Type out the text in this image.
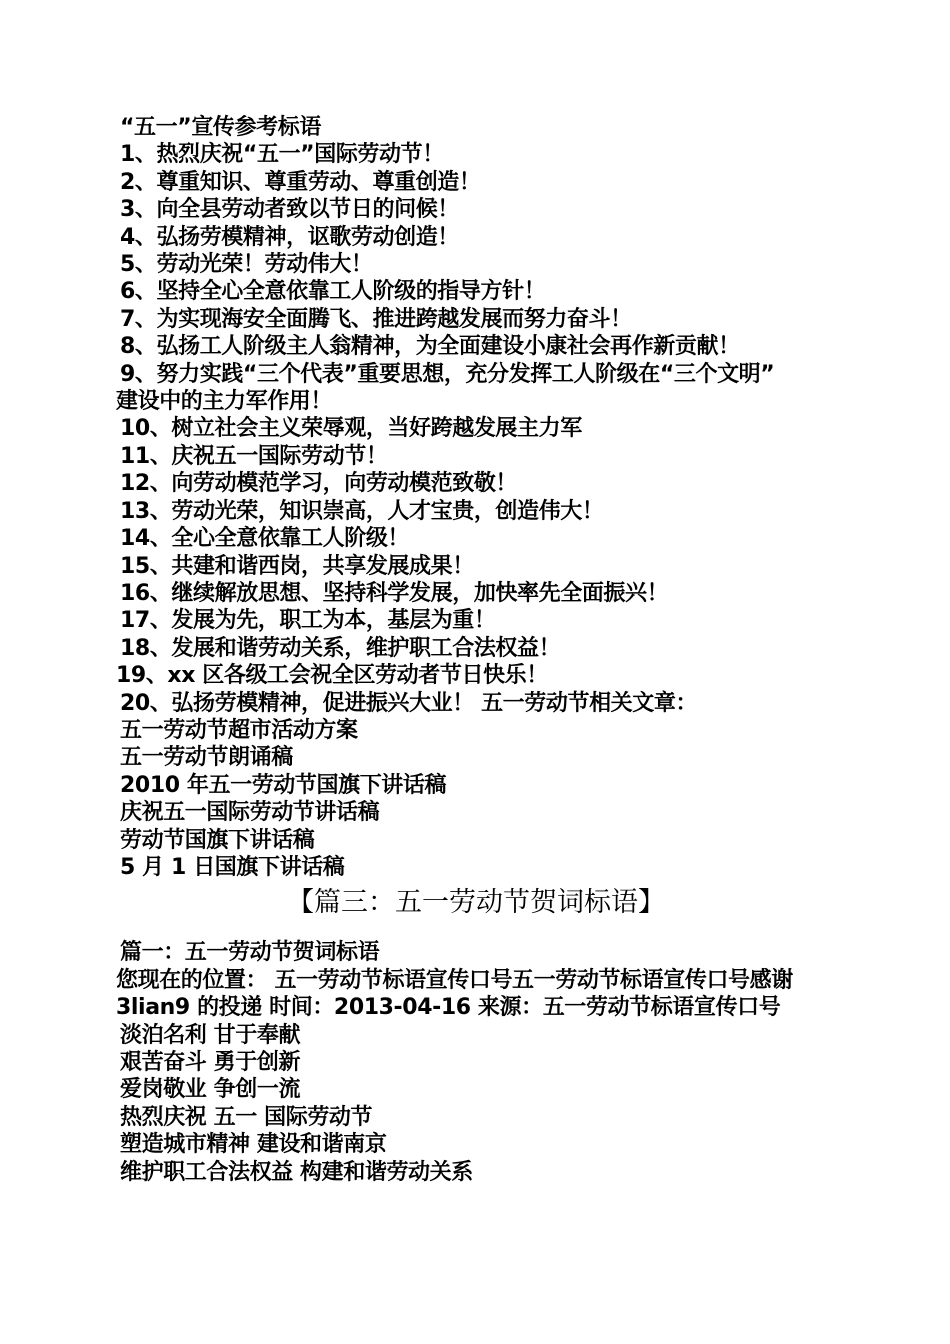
“五一”宣传参考标语
1、热烈庆祝“五一”国际劳动节！
2、尊重知识、尊重劳动、尊重创造！
3、向全县劳动者致以节日的问候！
4、弘扬劳模精神，讴歌劳动创造！
5、劳动光荣！劳动伟大！
6、坚持全心全意依靠工人阶级的指导方针！
7、为实现海安全面腾飞、推进跨越发展而努力奋斗！
8、弘扬工人阶级主人翁精神，为全面建设小康社会再作新贡献！
9、努力实践“三个代表”重要思想，充分发挥工人阶级在“三个文明”
建设中的主力军作用！
10、树立社会主义荣辱观，当好跨越发展主力军
11、庆祝五一国际劳动节！
12、向劳动模范学习，向劳动模范致敬！
13、劳动光荣，知识崇高，人才宝贵，创造伟大！
14、全心全意依靠工人阶级！
15、共建和谐西岗，共享发展成果！
16、继续解放思想、坚持科学发展，加快率先全面振兴！
17、发展为先，职工为本，基层为重！
18、发展和谐劳动关系，维护职工合法权益！
19、xx 区各级工会祝全区劳动者节日快乐！
20、弘扬劳模精神，促进振兴大业！ 五一劳动节相关文章：
五一劳动节超市活动方案
五一劳动节朗诵稿
2010 年五一劳动节国旗下讲话稿
庆祝五一国际劳动节讲话稿
劳动节国旗下讲话稿
5 月 1 日国旗下讲话稿
【篇三：五一劳动节贺词标语】
篇一：五一劳动节贺词标语
您现在的位置： 五一劳动节标语宣传口号五一劳动节标语宣传口号感谢 3lian9 的投递 时间：2013-04-16 来源：五一劳动节标语宣传口号
淡泊名利 甘于奉献
艰苦奋斗 勇于创新
爱岗敬业 争创一流
热烈庆祝 五一 国际劳动节
塑造城市精神 建设和谐南京
维护职工合法权益 构建和谐劳动关系
